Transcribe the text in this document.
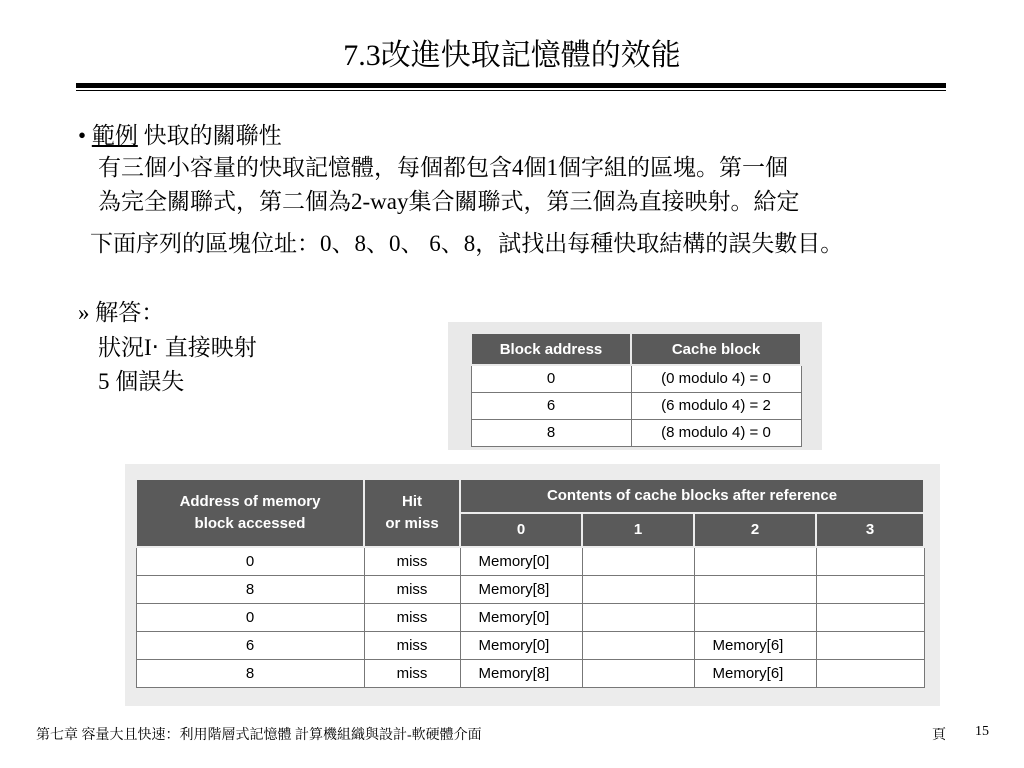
7.3改進快取記憶體的效能
• 範例 快取的關聯性
有三個小容量的快取記憶體，每個都包含4個1個字組的區塊。第一個
為完全關聯式，第二個為2-way集合關聯式，第三個為直接映射。給定
下面序列的區塊位址：0、8、0、 6、8，試找出每種快取結構的誤失數目。
» 解答：
狀況I‧ 直接映射
5 個誤失
Block address	Cache block
0	(0 modulo 4) = 0
6	(6 modulo 4) = 2
8	(8 modulo 4) = 0
Address of memory
block accessed	Hit
or miss	Contents of cache blocks after reference			
		0	1	2	3
0	miss	Memory[0]			
8	miss	Memory[8]			
0	miss	Memory[0]			
6	miss	Memory[0]		Memory[6]	
8	miss	Memory[8]		Memory[6]	
第七章 容量大且快速：利用階層式記憶體 計算機組織與設計-軟硬體介面	頁 15
